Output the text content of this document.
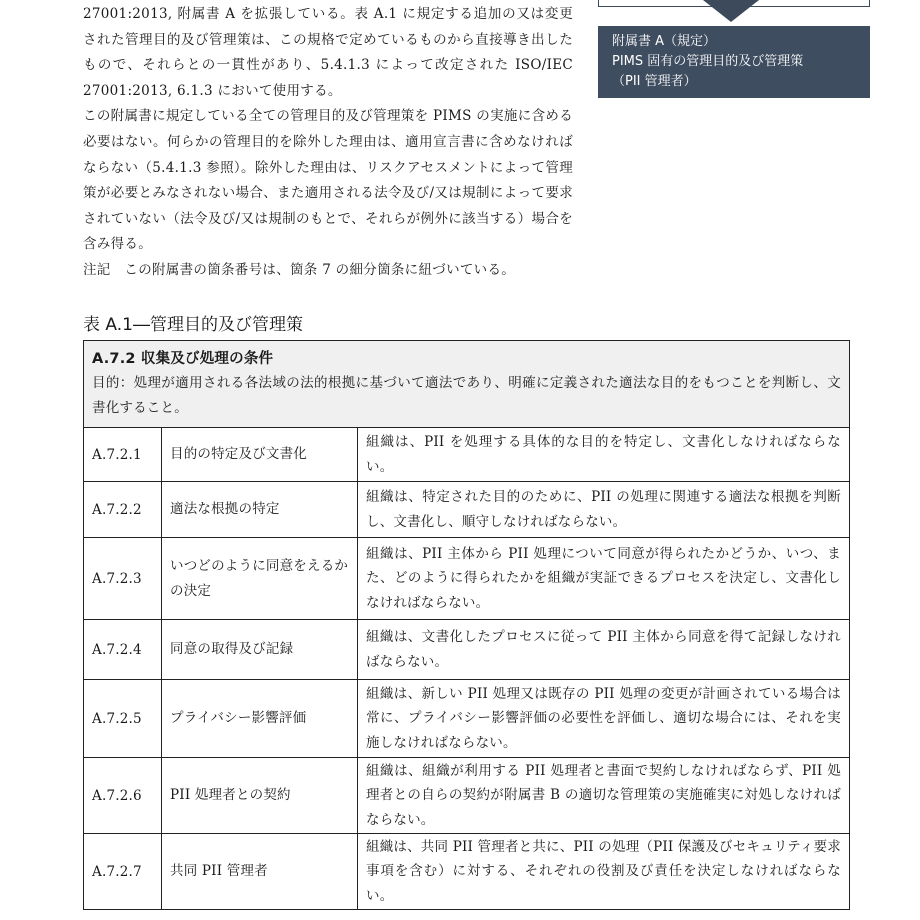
27001:2013, 附属書 A を拡張している。表 A.1 に規定する追加の又は変更された管理目的及び管理策は、この規格で定めているものから直接導き出したもので、それらとの一貫性があり、5.4.1.3 によって改定された ISO/IEC 27001:2013, 6.1.3 において使用する。

この附属書に規定している全ての管理目的及び管理策を PIMS の実施に含める必要はない。何らかの管理目的を除外した理由は、適用宣言書に含めなければならない（5.4.1.3 参照）。除外した理由は、リスクアセスメントによって管理策が必要とみなされない場合、また適用される法令及び/又は規制によって要求されていない（法令及び/又は規制のもとで、それらが例外に該当する）場合を含み得る。

注記　この附属書の箇条番号は、箇条 7 の細分箇条に紐づいている。

附属書 A（規定）
PIMS 固有の管理目的及び管理策
（PII 管理者）
表 A.1―管理目的及び管理策
A.7.2 収集及び処理の条件
目的：処理が適用される各法域の法的根拠に基づいて適法であり、明確に定義された適法な目的をもつことを判断し、文書化すること。		

A.7.2.1	目的の特定及び文書化	組織は、PII を処理する具体的な目的を特定し、文書化しなければならない。
A.7.2.2	適法な根拠の特定	組織は、特定された目的のために、PII の処理に関連する適法な根拠を判断し、文書化し、順守しなければならない。
A.7.2.3	いつどのように同意をえるかの決定	組織は、PII 主体から PII 処理について同意が得られたかどうか、いつ、また、どのように得られたかを組織が実証できるプロセスを決定し、文書化しなければならない。
A.7.2.4	同意の取得及び記録	組織は、文書化したプロセスに従って PII 主体から同意を得て記録しなければならない。
A.7.2.5	プライバシー影響評価	組織は、新しい PII 処理又は既存の PII 処理の変更が計画されている場合は常に、プライバシー影響評価の必要性を評価し、適切な場合には、それを実施しなければならない。
A.7.2.6	PII 処理者との契約	組織は、組織が利用する PII 処理者と書面で契約しなければならず、PII 処理者との自らの契約が附属書 B の適切な管理策の実施確実に対処しなければならない。
A.7.2.7	共同 PII 管理者	組織は、共同 PII 管理者と共に、PII の処理（PII 保護及びセキュリティ要求事項を含む）に対する、それぞれの役割及び責任を決定しなければならない。
